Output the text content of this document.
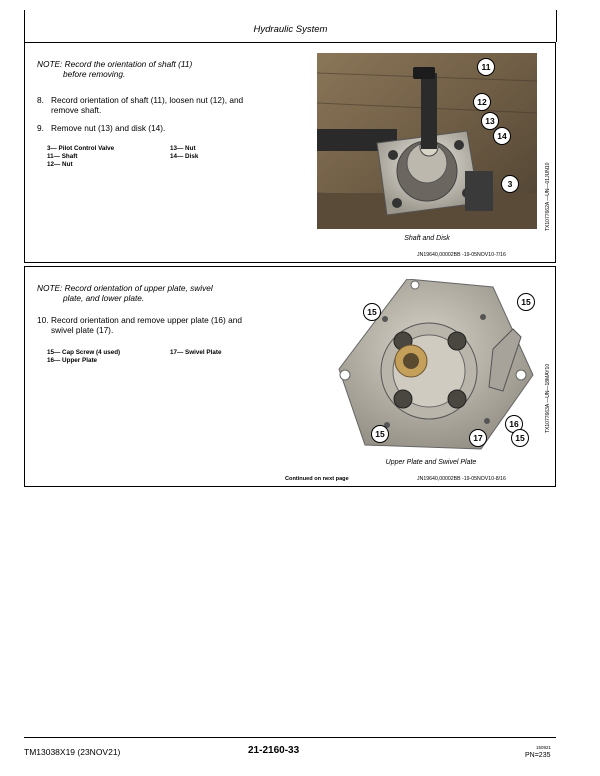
Hydraulic System
NOTE: Record the orientation of shaft (11)
before removing.
8. Record orientation of shaft (11), loosen nut (12), and
remove shaft.
9. Remove nut (13) and disk (14).
3— Pilot Control Valve
11— Shaft
12— Nut
13— Nut
14— Disk
11
12
13
14
3	TX1077662A —UN—01JUN10
Shaft and Disk
JN19640,00002BB -19-05NOV10-7/16
NOTE: Record orientation of upper plate, swivel
plate, and lower plate.
10. Record orientation and remove upper plate (16) and
swivel plate (17).
15— Cap Screw (4 used)
16— Upper Plate
17— Swivel Plate
15
15
15
16
17	15
TX1077663A —UN—18MAY10
Upper Plate and Swivel Plate
Continued on next page	JN19640,00002BB -19-05NOV10-8/16
TM13038X19 (23NOV21)	21-2160-33	150921
PN=235
